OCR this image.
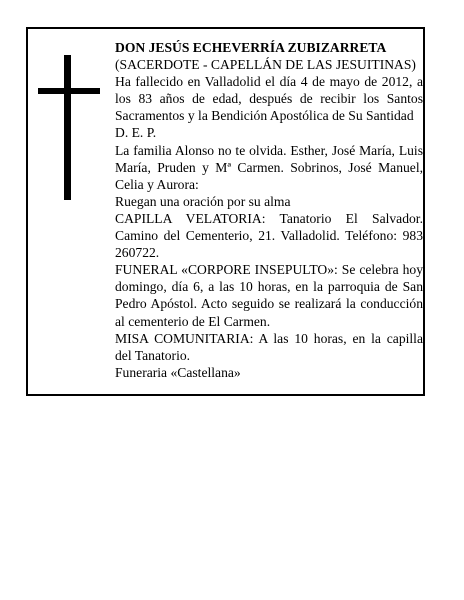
DON JESÚS ECHEVERRÍA ZUBIZARRETA

(SACERDOTE - CAPELLÁN DE LAS JESUITINAS)

Ha fallecido en Valladolid el día 4 de mayo de 2012, a los 83 años de edad, después de recibir los Santos Sacramentos y la Bendición Apostólica de Su Santidad

D. E. P.

La familia Alonso no te olvida. Esther, José María, Luis María, Pruden y Mª Carmen. Sobrinos, José Manuel, Celia y Aurora:

Ruegan una oración por su alma

CAPILLA VELATORIA: Tanatorio El Salvador. Camino del Cementerio, 21. Valladolid. Teléfono: 983 260722.

FUNERAL «CORPORE INSEPULTO»: Se celebra hoy domingo, día 6, a las 10 horas, en la parroquia de San Pedro Apóstol. Acto seguido se realizará la conducción al cementerio de El Carmen.

MISA COMUNITARIA: A las 10 horas, en la capilla del Tanatorio.

Funeraria «Castellana»
